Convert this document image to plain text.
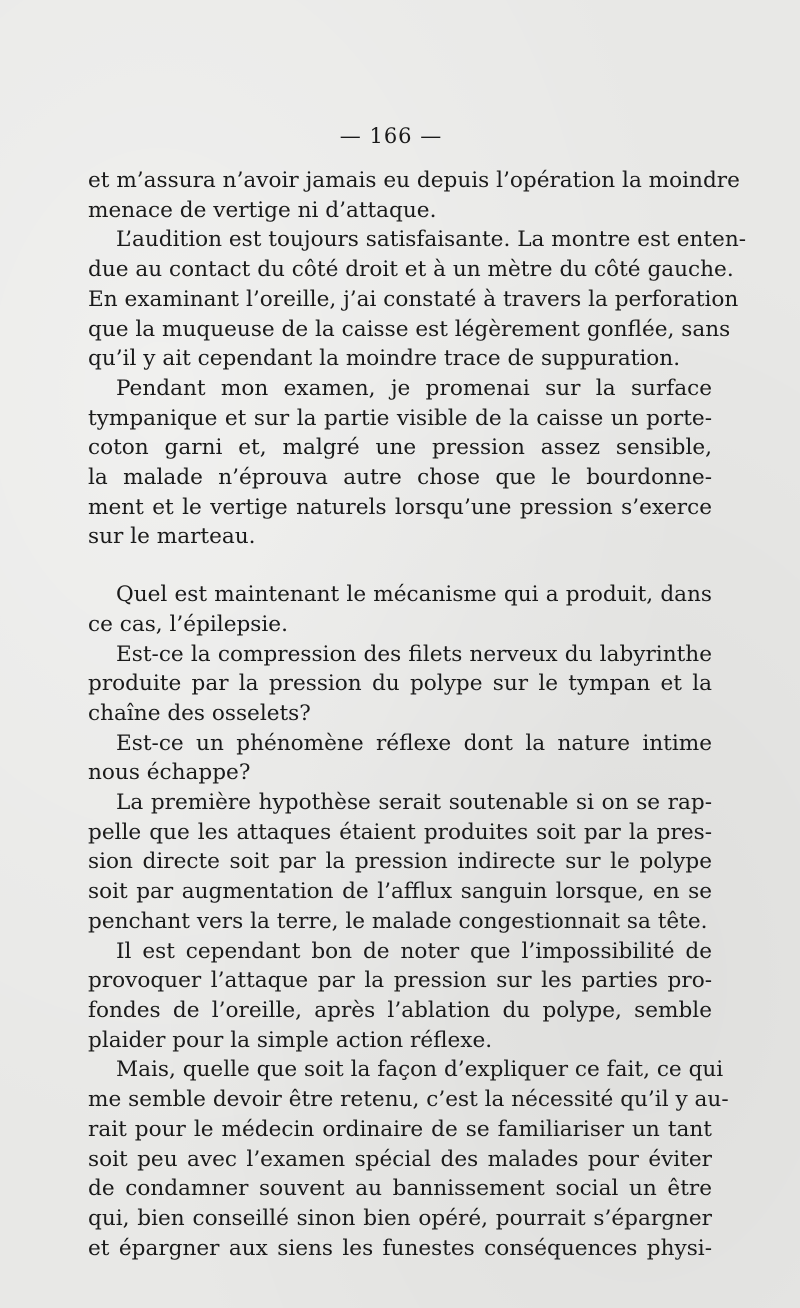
— 166 —
et m’assura n’avoir jamais eu depuis l’opération la moindre
menace de vertige ni d’attaque.
L’audition est toujours satisfaisante. La montre est enten-
due au contact du côté droit et à un mètre du côté gauche.
En examinant l’oreille, j’ai constaté à travers la perforation
que la muqueuse de la caisse est légèrement gonflée, sans
qu’il y ait cependant la moindre trace de suppuration.
Pendant mon examen, je promenai sur la surface
tympanique et sur la partie visible de la caisse un porte-
coton garni et, malgré une pression assez sensible,
la malade n’éprouva autre chose que le bourdonne-
ment et le vertige naturels lorsqu’une pression s’exerce
sur le marteau.
Quel est maintenant le mécanisme qui a produit, dans
ce cas, l’épilepsie.
Est-ce la compression des filets nerveux du labyrinthe
produite par la pression du polype sur le tympan et la
chaîne des osselets?
Est-ce un phénomène réflexe dont la nature intime
nous échappe?
La première hypothèse serait soutenable si on se rap-
pelle que les attaques étaient produites soit par la pres-
sion directe soit par la pression indirecte sur le polype
soit par augmentation de l’afflux sanguin lorsque, en se
penchant vers la terre, le malade congestionnait sa tête.
Il est cependant bon de noter que l’impossibilité de
provoquer l’attaque par la pression sur les parties pro-
fondes de l’oreille, après l’ablation du polype, semble
plaider pour la simple action réflexe.
Mais, quelle que soit la façon d’expliquer ce fait, ce qui
me semble devoir être retenu, c’est la nécessité qu’il y au-
rait pour le médecin ordinaire de se familiariser un tant
soit peu avec l’examen spécial des malades pour éviter
de condamner souvent au bannissement social un être
qui, bien conseillé sinon bien opéré, pourrait s’épargner
et épargner aux siens les funestes conséquences physi-
